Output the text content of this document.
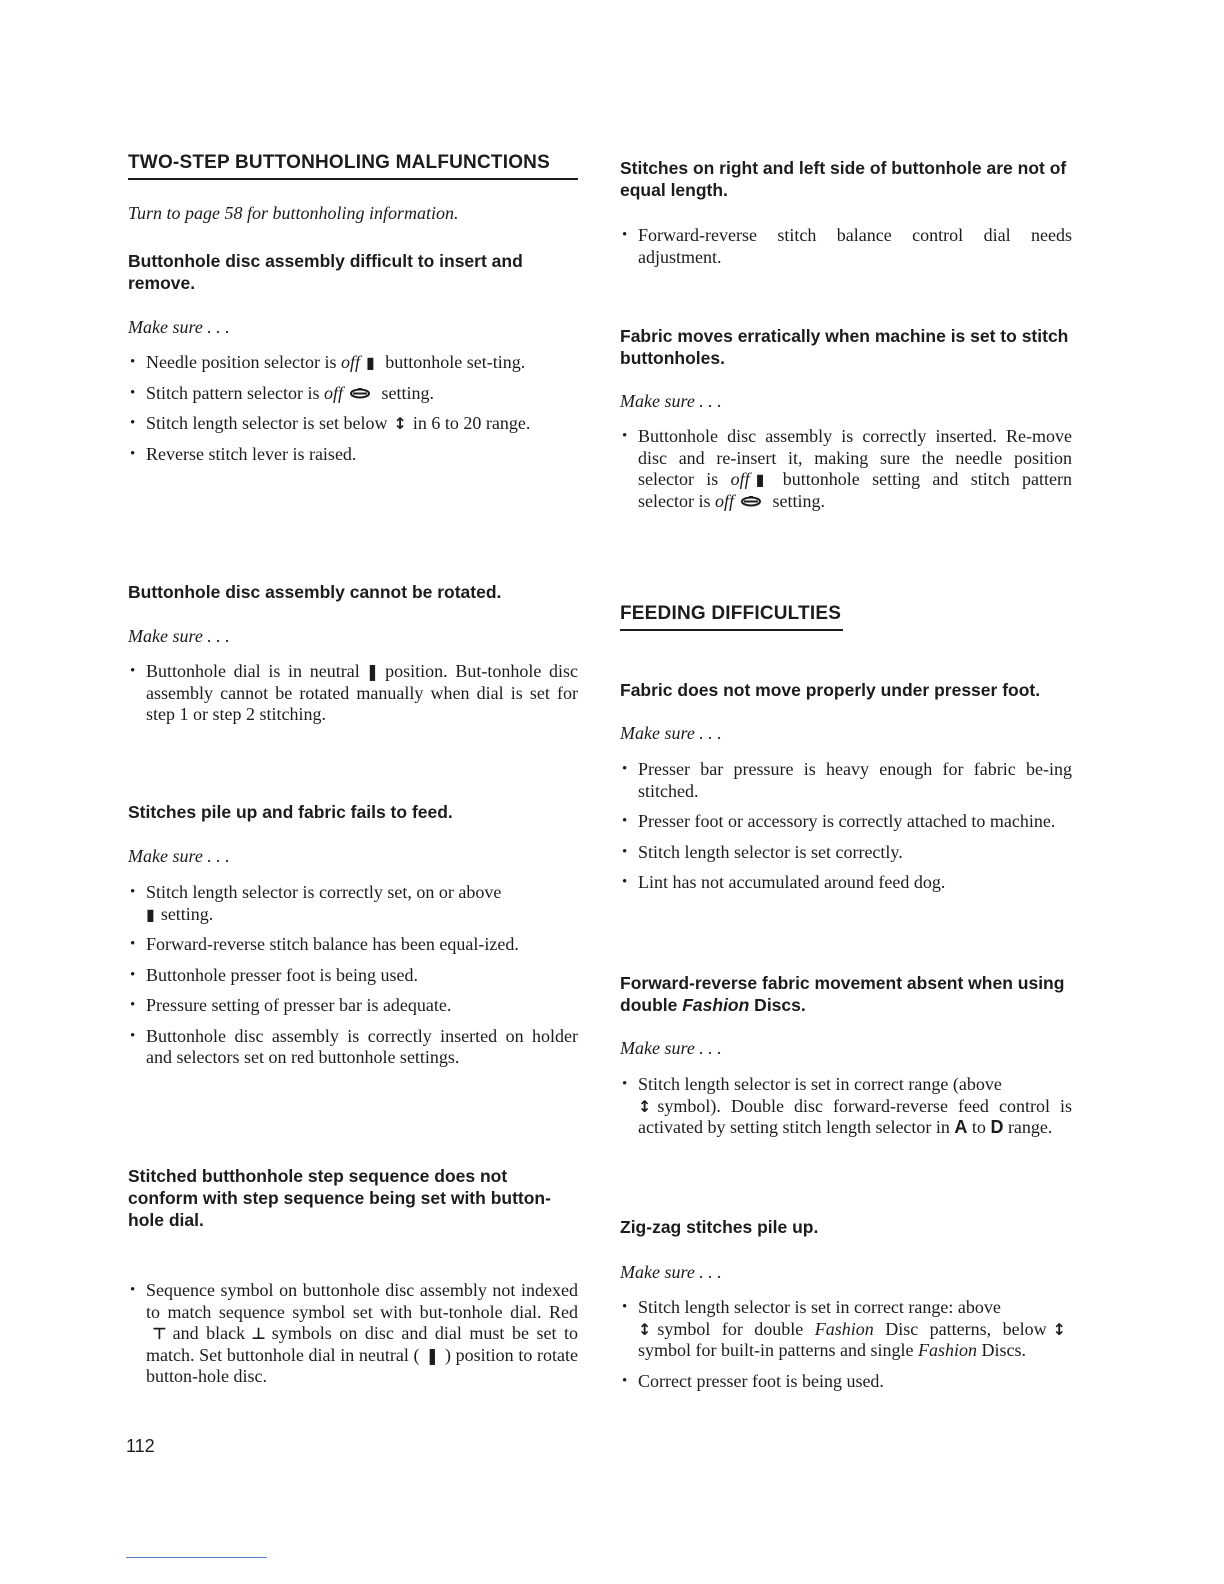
TWO-STEP BUTTONHOLING MALFUNCTIONS
Turn to page 58 for buttonholing information.
Buttonhole disc assembly difficult to insert and remove.
Make sure . . .
• Needle position selector is off ▮ buttonhole set-ting.
• Stitch pattern selector is off setting.
• Stitch length selector is set below ↕ in 6 to 20 range.
• Reverse stitch lever is raised.
Buttonhole disc assembly cannot be rotated.
Make sure . . .
• Buttonhole dial is in neutral ❚ position. But-tonhole disc assembly cannot be rotated manually when dial is set for step 1 or step 2 stitching.
Stitches pile up and fabric fails to feed.
Make sure . . .
• Stitch length selector is correctly set, on or above
▮ setting.
• Forward-reverse stitch balance has been equal-ized.
• Buttonhole presser foot is being used.
• Pressure setting of presser bar is adequate.
• Buttonhole disc assembly is correctly inserted on holder and selectors set on red buttonhole settings.
Stitched butthonhole step sequence does not conform with step sequence being set with button-hole dial.
• Sequence symbol on buttonhole disc assembly not indexed to match sequence symbol set with but-tonhole dial. Red⊤ and black ⊥ symbols on disc and dial must be set to match. Set buttonhole dial in neutral ( ❚ ) position to rotate button-hole disc.
Stitches on right and left side of buttonhole are not of equal length.
• Forward-reverse stitch balance control dial needs adjustment.
Fabric moves erratically when machine is set to stitch buttonholes.
Make sure . . .
• Buttonhole disc assembly is correctly inserted. Re-move disc and re-insert it, making sure the needle position selector is off ▮ buttonhole setting and stitch pattern selector is off setting.
FEEDING DIFFICULTIES
Fabric does not move properly under presser foot.
Make sure . . .
• Presser bar pressure is heavy enough for fabric be-ing stitched.
• Presser foot or accessory is correctly attached to machine.
• Stitch length selector is set correctly.
• Lint has not accumulated around feed dog.
Forward-reverse fabric movement absent when using double Fashion Discs.
Make sure . . .
• Stitch length selector is set in correct range (above
↕ symbol). Double disc forward-reverse feed control is activated by setting stitch length selector in A to D range.
Zig-zag stitches pile up.
Make sure . . .
• Stitch length selector is set in correct range: above
↕ symbol for double Fashion Disc patterns, below ↕symbol for built-in patterns and single Fashion Discs.
• Correct presser foot is being used.
112
